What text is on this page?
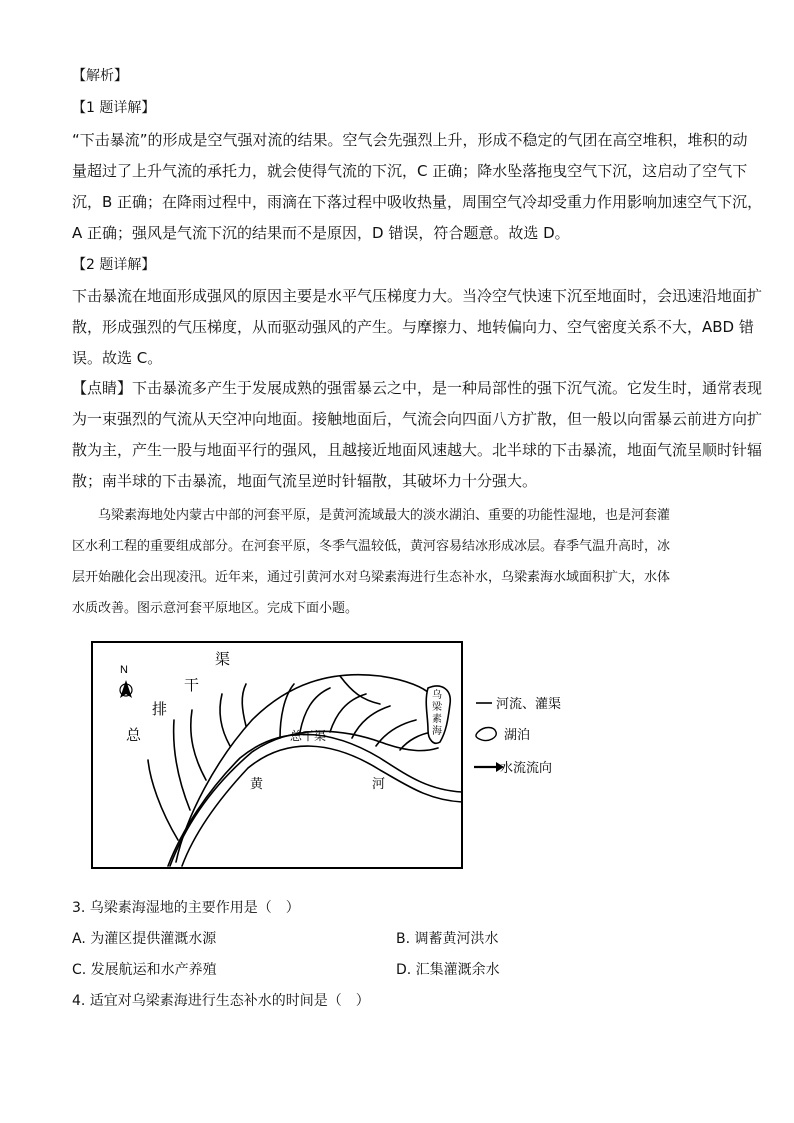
【解析】
【1 题详解】
“下击暴流”的形成是空气强对流的结果。空气会先强烈上升，形成不稳定的气团在高空堆积，堆积的动
量超过了上升气流的承托力，就会使得气流的下沉，C 正确；降水坠落拖曳空气下沉，这启动了空气下
沉，B 正确；在降雨过程中，雨滴在下落过程中吸收热量，周围空气冷却受重力作用影响加速空气下沉，
A 正确；强风是气流下沉的结果而不是原因，D 错误，符合题意。故选 D。
【2 题详解】
下击暴流在地面形成强风的原因主要是水平气压梯度力大。当冷空气快速下沉至地面时，会迅速沿地面扩
散，形成强烈的气压梯度，从而驱动强风的产生。与摩擦力、地转偏向力、空气密度关系不大，ABD 错
误。故选 C。
【点睛】下击暴流多产生于发展成熟的强雷暴云之中，是一种局部性的强下沉气流。它发生时，通常表现
为一束强烈的气流从天空冲向地面。接触地面后，气流会向四面八方扩散，但一般以向雷暴云前进方向扩
散为主，产生一股与地面平行的强风，且越接近地面风速越大。北半球的下击暴流，地面气流呈顺时针辐
散；南半球的下击暴流，地面气流呈逆时针辐散，其破坏力十分强大。
　　乌梁素海地处内蒙古中部的河套平原，是黄河流域最大的淡水湖泊、重要的功能性湿地，也是河套灌
区水利工程的重要组成部分。在河套平原，冬季气温较低，黄河容易结冰形成冰层。春季气温升高时，冰
层开始融化会出现凌汛。近年来，通过引黄河水对乌梁素海进行生态补水，乌梁素海水域面积扩大，水体
水质改善。图示意河套平原地区。完成下面小题。
N
渠
干
排
总	总干渠
黄	河
乌
梁
素
海
河流、灌渠
湖泊
水流流向
3. 乌梁素海湿地的主要作用是（　）
A. 为灌区提供灌溉水源	B. 调蓄黄河洪水
C. 发展航运和水产养殖	D. 汇集灌溉余水
4. 适宜对乌梁素海进行生态补水的时间是（　）
